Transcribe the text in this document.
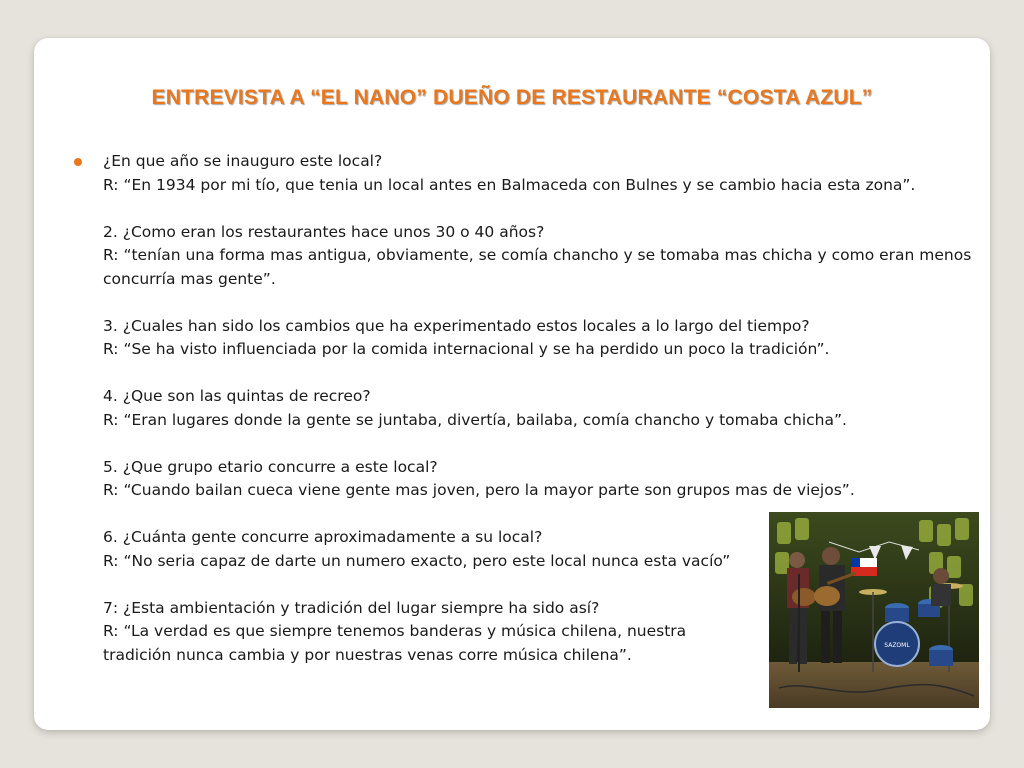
ENTREVISTA A “EL NANO” DUEÑO DE RESTAURANTE “COSTA AZUL”

¿En que año se inauguro este local?

R: “En 1934 por mi tío, que tenia un local antes en Balmaceda con Bulnes y se cambio hacia esta zona”.

2. ¿Como eran los restaurantes hace unos 30 o 40 años?

R: “tenían una forma mas antigua, obviamente, se comía chancho y se tomaba mas chicha y como eran menos concurría mas gente”.

3. ¿Cuales han sido los cambios que ha experimentado estos locales a lo largo del tiempo?

R: “Se ha visto influenciada por la comida internacional y se ha perdido un poco la tradición”.

4. ¿Que son las quintas de recreo?

R: “Eran lugares donde la gente se juntaba, divertía, bailaba, comía chancho y tomaba chicha”.

5. ¿Que grupo etario concurre a este local?

R: “Cuando bailan cueca viene gente mas joven, pero la mayor parte son grupos mas de viejos”.

6. ¿Cuánta gente concurre aproximadamente a su local?

R: “No seria capaz de darte un numero exacto, pero este local nunca esta vacío”

7: ¿Esta ambientación y tradición del lugar siempre ha sido así?

R: “La verdad es que siempre tenemos banderas y música chilena, nuestra

tradición nunca cambia y por nuestras venas corre música chilena”.	SAZOML
